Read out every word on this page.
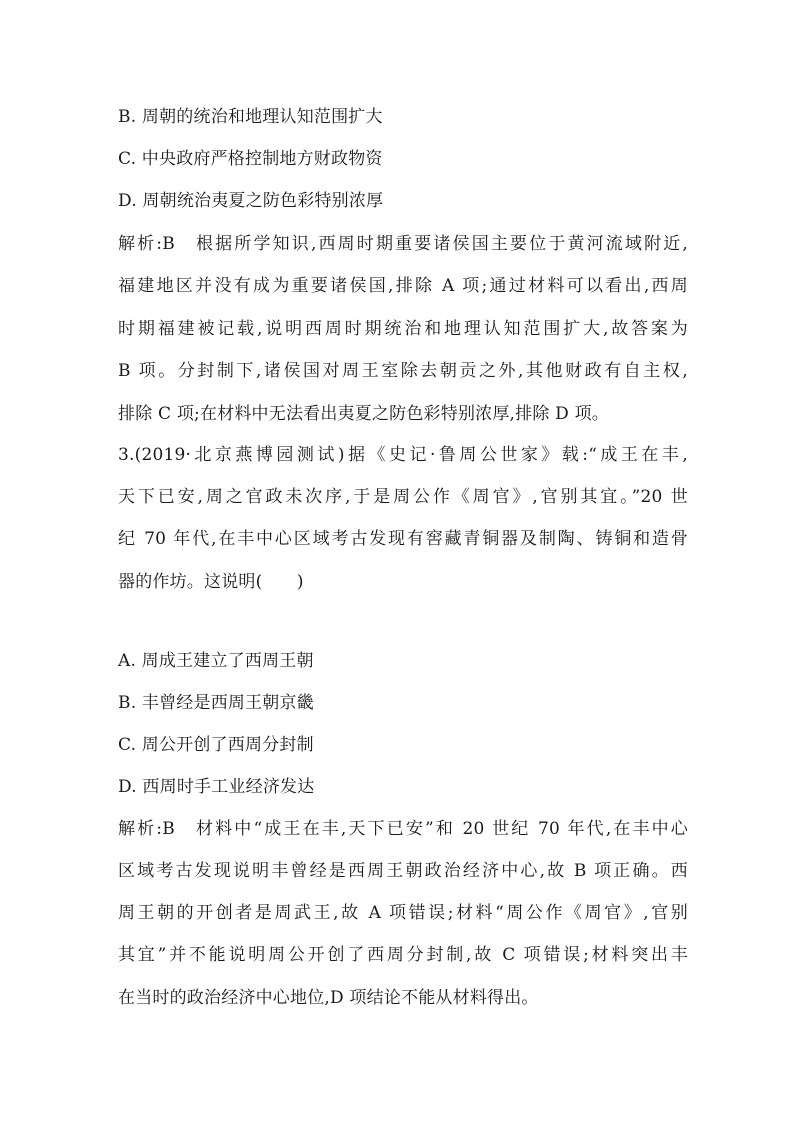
B. 周朝的统治和地理认知范围扩大
C. 中央政府严格控制地方财政物资
D. 周朝统治夷夏之防色彩特别浓厚
解析:B　根据所学知识,西周时期重要诸侯国主要位于黄河流域附近,
福建地区并没有成为重要诸侯国,排除 A 项;通过材料可以看出,西周
时期福建被记载,说明西周时期统治和地理认知范围扩大,故答案为
B 项。分封制下,诸侯国对周王室除去朝贡之外,其他财政有自主权,
排除 C 项;在材料中无法看出夷夏之防色彩特别浓厚,排除 D 项。
3.(2019·北京燕博园测试)据《史记·鲁周公世家》载:“成王在丰,
天下已安,周之官政未次序,于是周公作《周官》,官别其宜。”20 世
纪 70 年代,在丰中心区域考古发现有窖藏青铜器及制陶、铸铜和造骨
器的作坊。这说明(　　)
A. 周成王建立了西周王朝
B. 丰曾经是西周王朝京畿
C. 周公开创了西周分封制
D. 西周时手工业经济发达
解析:B　材料中“成王在丰,天下已安”和 20 世纪 70 年代,在丰中心
区域考古发现说明丰曾经是西周王朝政治经济中心,故 B 项正确。西
周王朝的开创者是周武王,故 A 项错误;材料“周公作《周官》,官别
其宜”并不能说明周公开创了西周分封制,故 C 项错误;材料突出丰
在当时的政治经济中心地位,D 项结论不能从材料得出。
